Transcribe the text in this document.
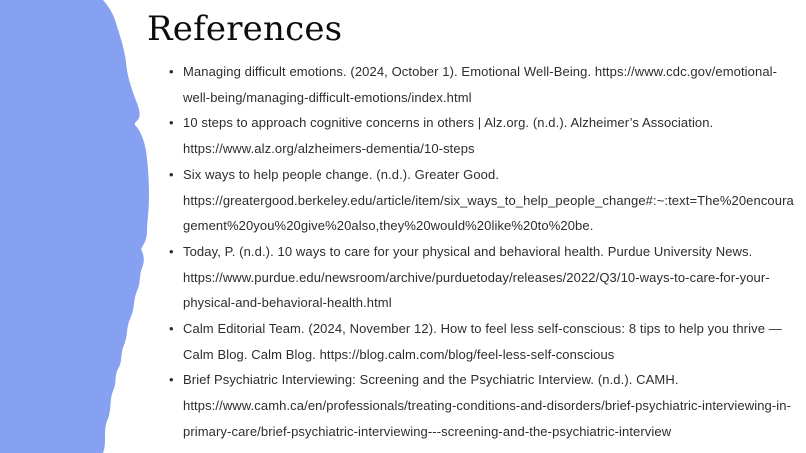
References
• Managing difficult emotions. (2024, October 1). Emotional Well-Being. https://www.cdc.gov/emotional-well-being/managing-difficult-emotions/index.html
• 10 steps to approach cognitive concerns in others | Alz.org. (n.d.). Alzheimer’s Association. https://www.alz.org/alzheimers-dementia/10-steps
• Six ways to help people change. (n.d.). Greater Good. https://greatergood.berkeley.edu/article/item/six_ways_to_help_people_change#:~:text=The%20encouragement%20you%20give%20also,they%20would%20like%20to%20be.
• Today, P. (n.d.). 10 ways to care for your physical and behavioral health. Purdue University News. https://www.purdue.edu/newsroom/archive/purduetoday/releases/2022/Q3/10-ways-to-care-for-your-physical-and-behavioral-health.html
• Calm Editorial Team. (2024, November 12). How to feel less self-conscious: 8 tips to help you thrive — Calm Blog. Calm Blog. https://blog.calm.com/blog/feel-less-self-conscious
• Brief Psychiatric Interviewing: Screening and the Psychiatric Interview. (n.d.). CAMH. https://www.camh.ca/en/professionals/treating-conditions-and-disorders/brief-psychiatric-interviewing-in-primary-care/brief-psychiatric-interviewing---screening-and-the-psychiatric-interview
